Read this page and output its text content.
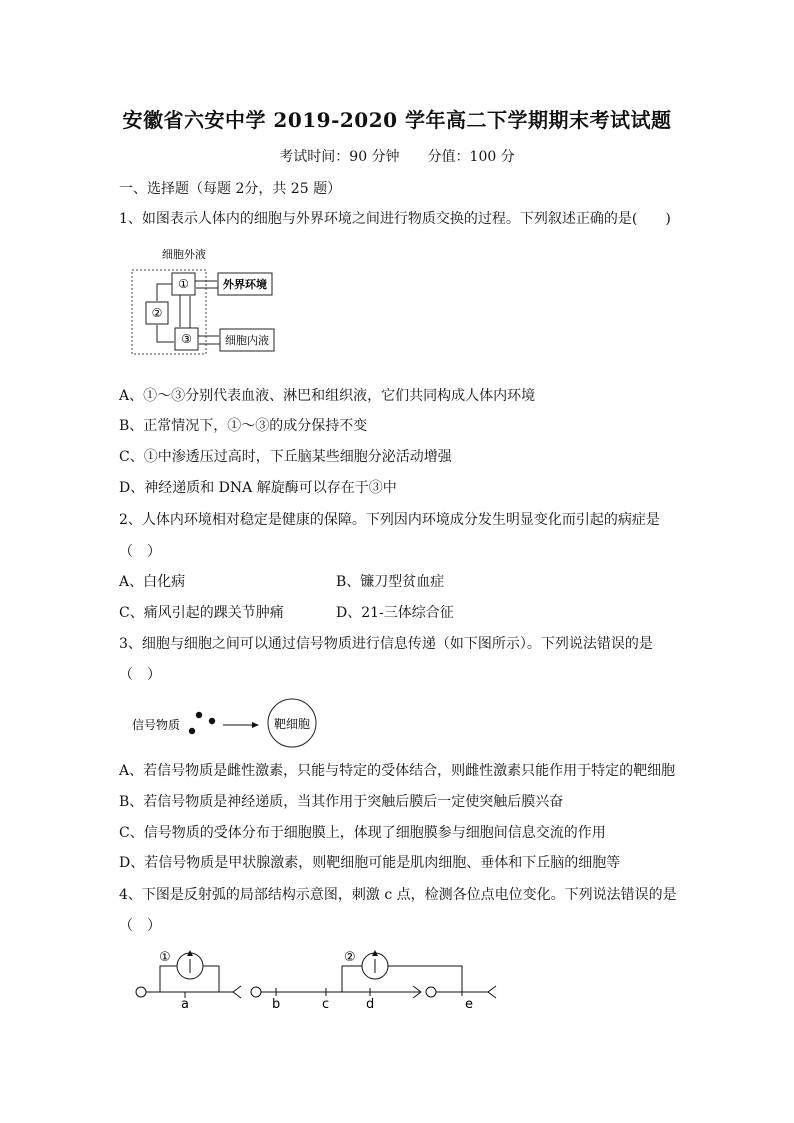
安徽省六安中学 2019-2020 学年高二下学期期末考试试题
考试时间：90 分钟　　分值：100 分
一、选择题（每题 2分，共 25 题）
1、如图表示人体内的细胞与外界环境之间进行物质交换的过程。下列叙述正确的是(　　)
细胞外液
①
②
③
外界环境
细胞内液
A、①～③分别代表血液、淋巴和组织液，它们共同构成人体内环境
B、正常情况下，①～③的成分保持不变
C、①中渗透压过高时，下丘脑某些细胞分泌活动增强
D、神经递质和 DNA 解旋酶可以存在于③中
2、人体内环境相对稳定是健康的保障。下列因内环境成分发生明显变化而引起的病症是
（　）
A、白化病	B、镰刀型贫血症
C、痛风引起的踝关节肿痛	D、21-三体综合征
3、细胞与细胞之间可以通过信号物质进行信息传递（如下图所示）。下列说法错误的是
（　）
信号物质	靶细胞
A、若信号物质是雌性激素，只能与特定的受体结合，则雌性激素只能作用于特定的靶细胞
B、若信号物质是神经递质，当其作用于突触后膜后一定使突触后膜兴奋
C、信号物质的受体分布于细胞膜上，体现了细胞膜参与细胞间信息交流的作用
D、若信号物质是甲状腺激素，则靶细胞可能是肌肉细胞、垂体和下丘脑的细胞等
4、下图是反射弧的局部结构示意图，刺激 c 点，检测各位点电位变化。下列说法错误的是
（　）
①	②
a	b	c	d	e
